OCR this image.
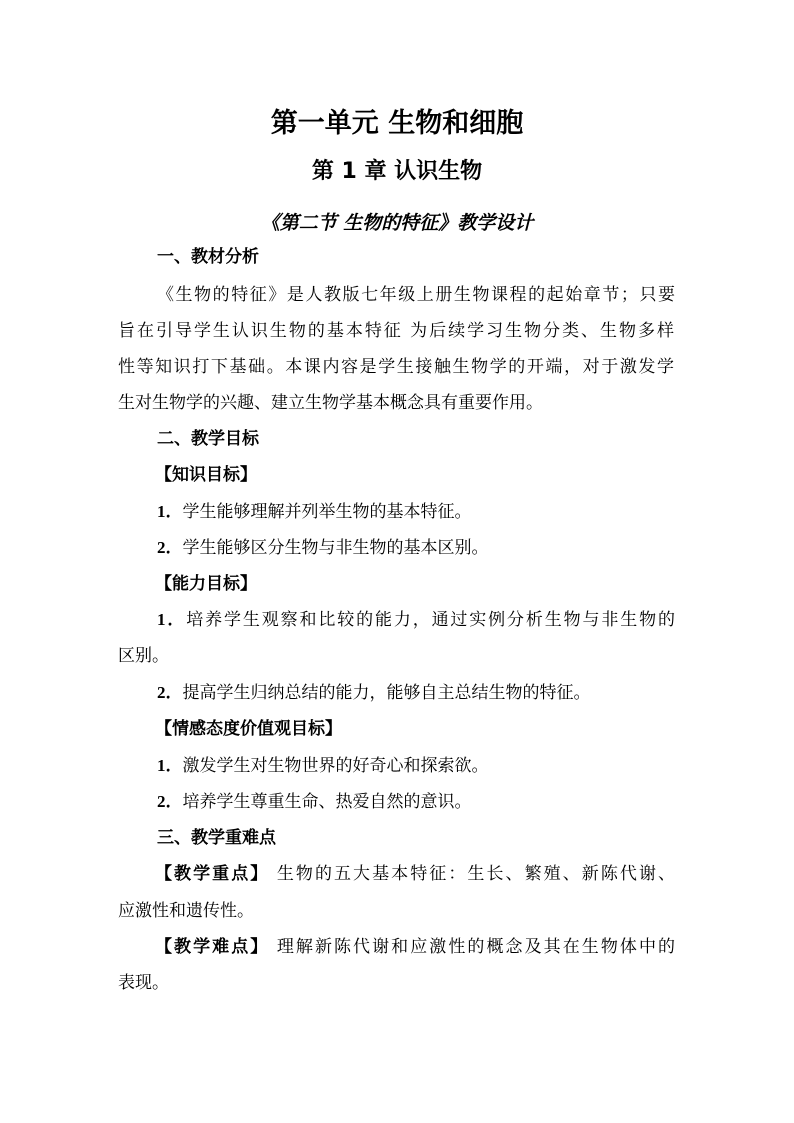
第一单元 生物和细胞
第 1 章 认识生物
《第二节 生物的特征》教学设计
一、教材分析
《生物的特征》是人教版七年级上册生物课程的起始章节；只要
旨在引导学生认识生物的基本特征 为后续学习生物分类、生物多样
性等知识打下基础。本课内容是学生接触生物学的开端，对于激发学
生对生物学的兴趣、建立生物学基本概念具有重要作用。
二、教学目标
【知识目标】
1．学生能够理解并列举生物的基本特征。
2．学生能够区分生物与非生物的基本区别。
【能力目标】
1．培养学生观察和比较的能力，通过实例分析生物与非生物的
区别。
2．提高学生归纳总结的能力，能够自主总结生物的特征。
【情感态度价值观目标】
1．激发学生对生物世界的好奇心和探索欲。
2．培养学生尊重生命、热爱自然的意识。
三、教学重难点
【教学重点】 生物的五大基本特征：生长、繁殖、新陈代谢、
应激性和遗传性。
【教学难点】 理解新陈代谢和应激性的概念及其在生物体中的
表现。
